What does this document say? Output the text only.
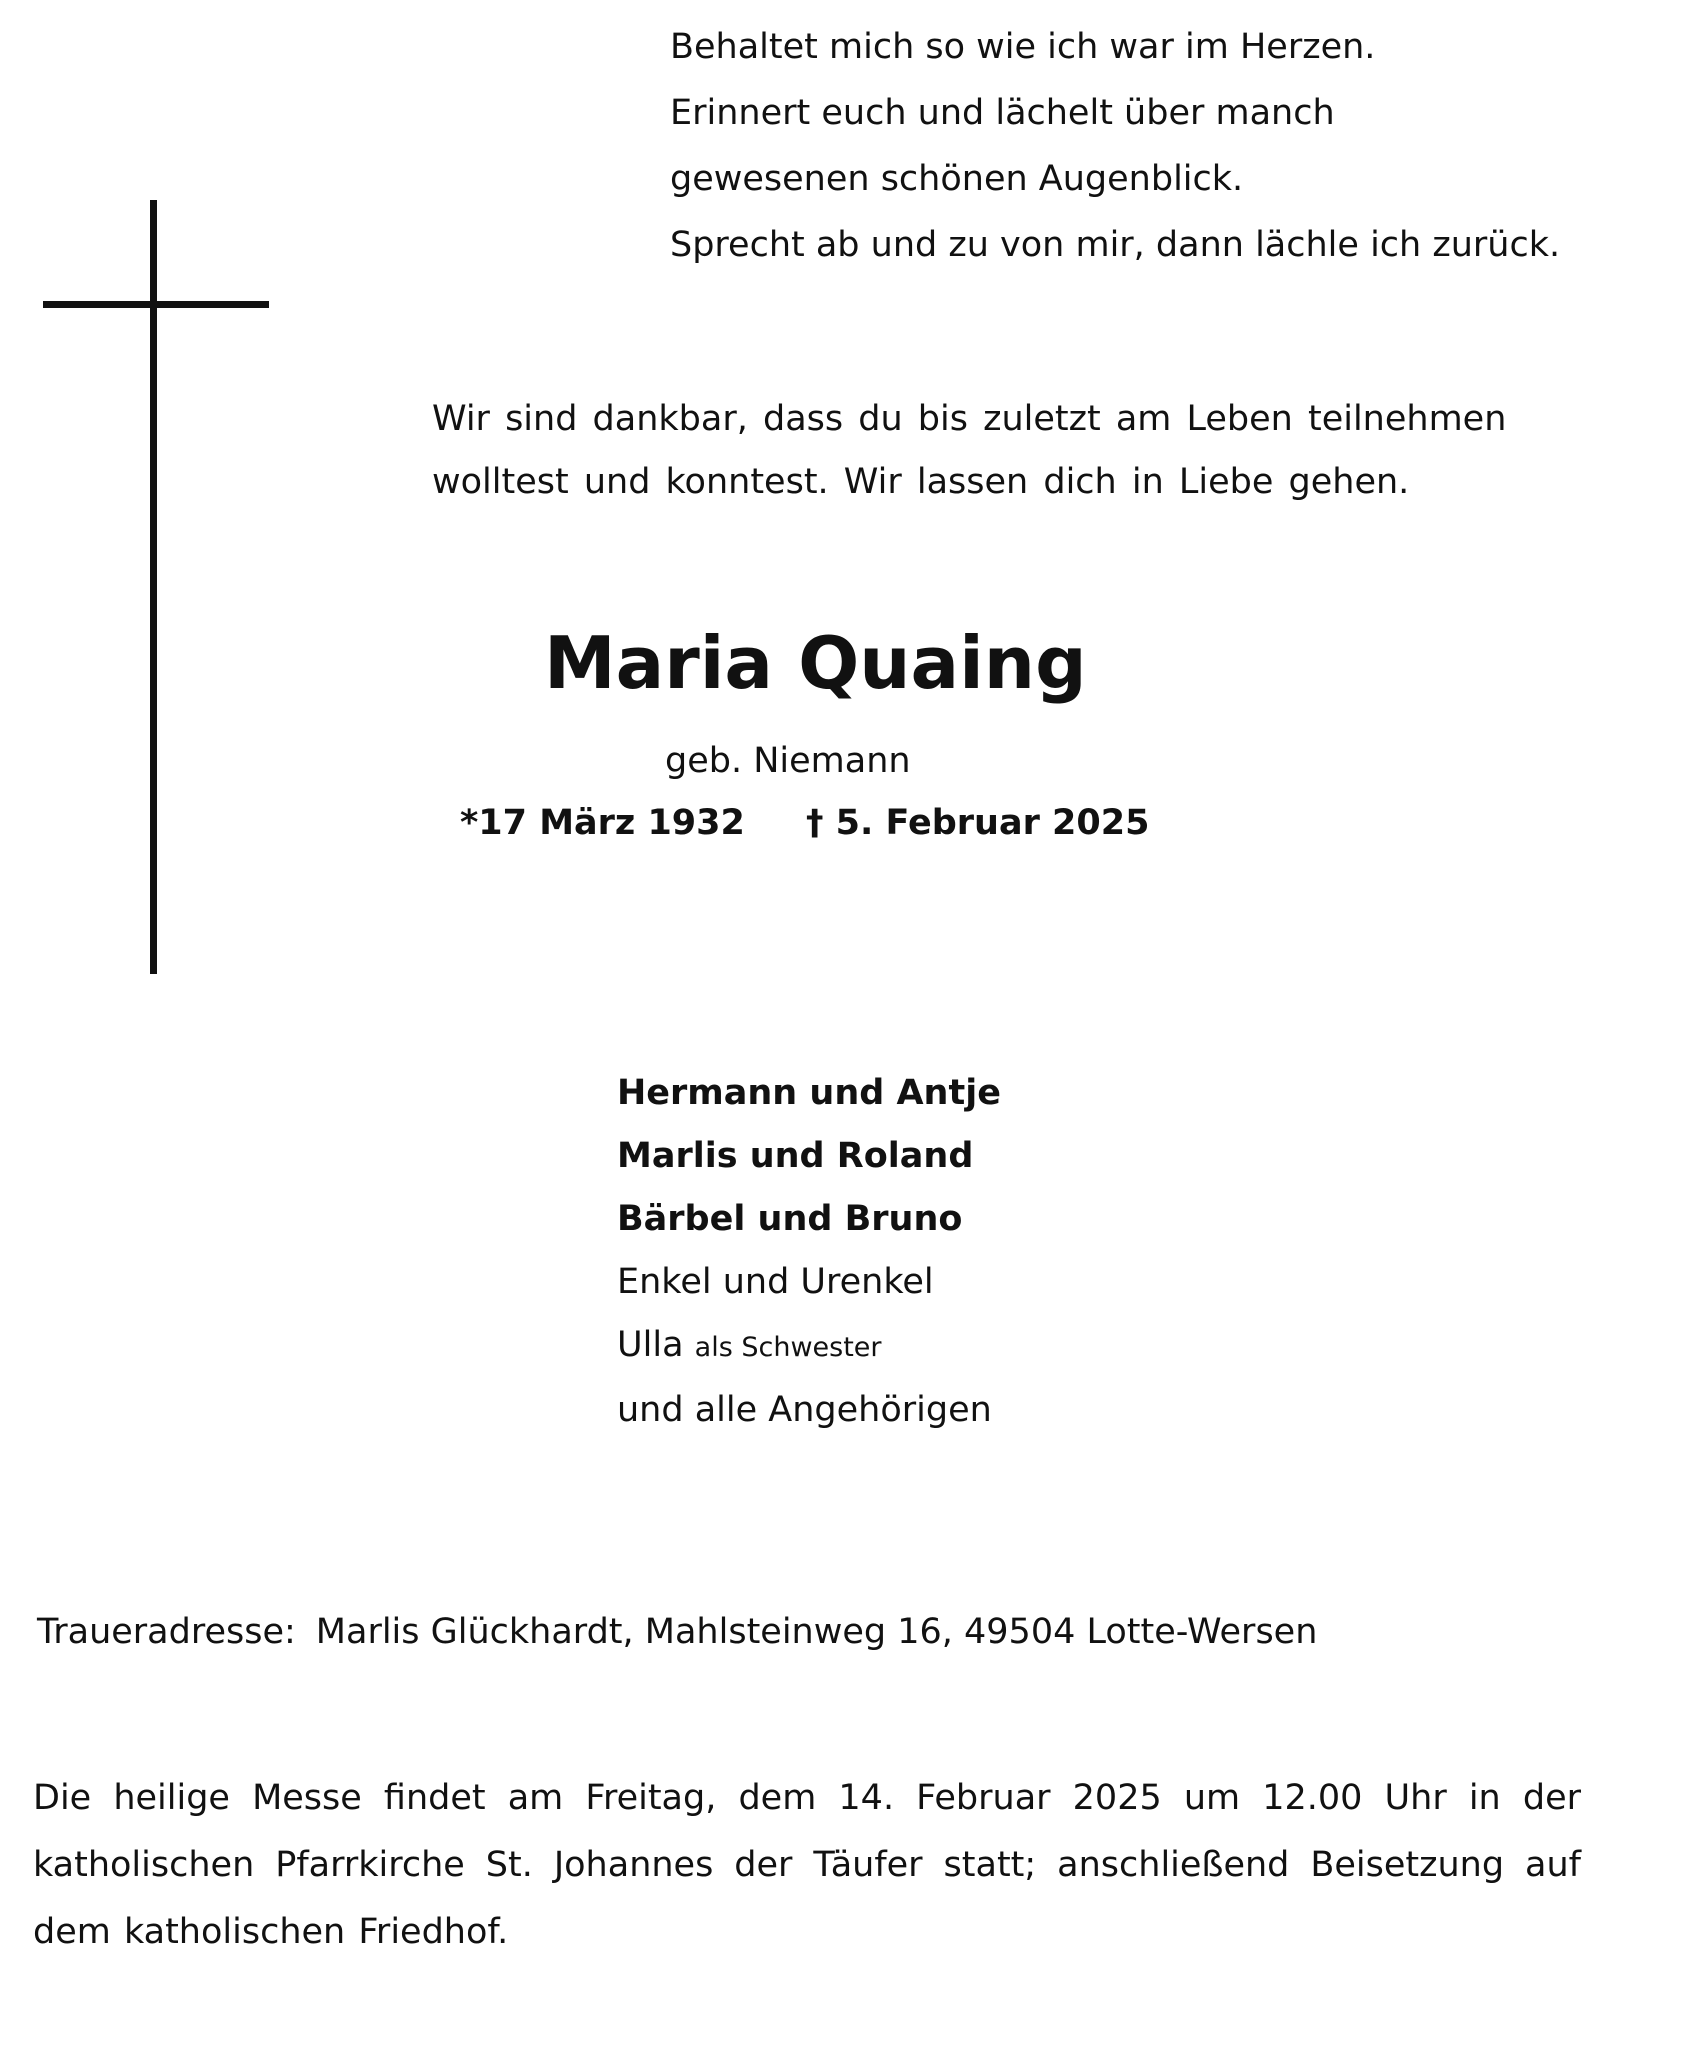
Behaltet mich so wie ich war im Herzen.
Erinnert euch und lächelt über manch
gewesenen schönen Augenblick.
Sprecht ab und zu von mir, dann lächle ich zurück.
Wir sind dankbar, dass du bis zuletzt am Leben teilnehmen
wolltest und konntest. Wir lassen dich in Liebe gehen.
Maria Quaing
geb. Niemann
*17 März 1932 † 5. Februar 2025
Hermann und Antje
Marlis und Roland
Bärbel und Bruno
Enkel und Urenkel
Ulla als Schwester
und alle Angehörigen
Traueradresse: Marlis Glückhardt, Mahlsteinweg 16, 49504 Lotte-Wersen
Die heilige Messe findet am Freitag, dem 14. Februar 2025 um 12.00 Uhr in der katholischen Pfarrkirche St. Johannes der Täufer statt; anschließend Beisetzung auf dem katholischen Friedhof.
